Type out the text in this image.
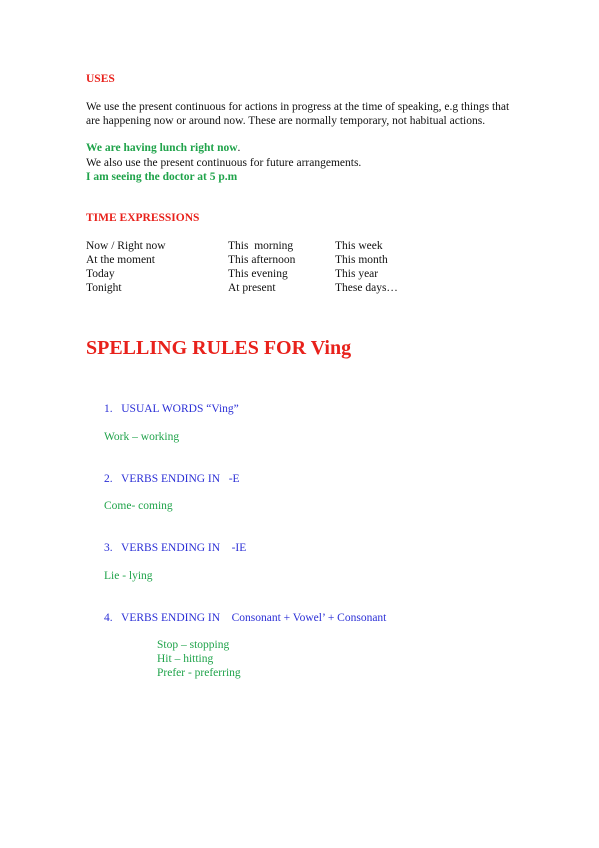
USES
We use the present continuous for actions in progress at the time of speaking, e.g things that are happening now or around now. These are normally temporary, not habitual actions.
We are having lunch right now.
We also use the present continuous for future arrangements.
I am seeing the doctor at 5 p.m
TIME EXPRESSIONS
Now / Right now
At the moment
Today
Tonight
This  morning
This afternoon
This evening
At present
This week
This month
This year
These days…
SPELLING RULES FOR Ving
1.   USUAL WORDS “Ving”
Work – working
2.   VERBS ENDING IN   -E
Come- coming
3.   VERBS ENDING IN    -IE
Lie - lying
4.   VERBS ENDING IN    Consonant + Vowel’ + Consonant
Stop – stopping
Hit – hitting
Prefer - preferring
